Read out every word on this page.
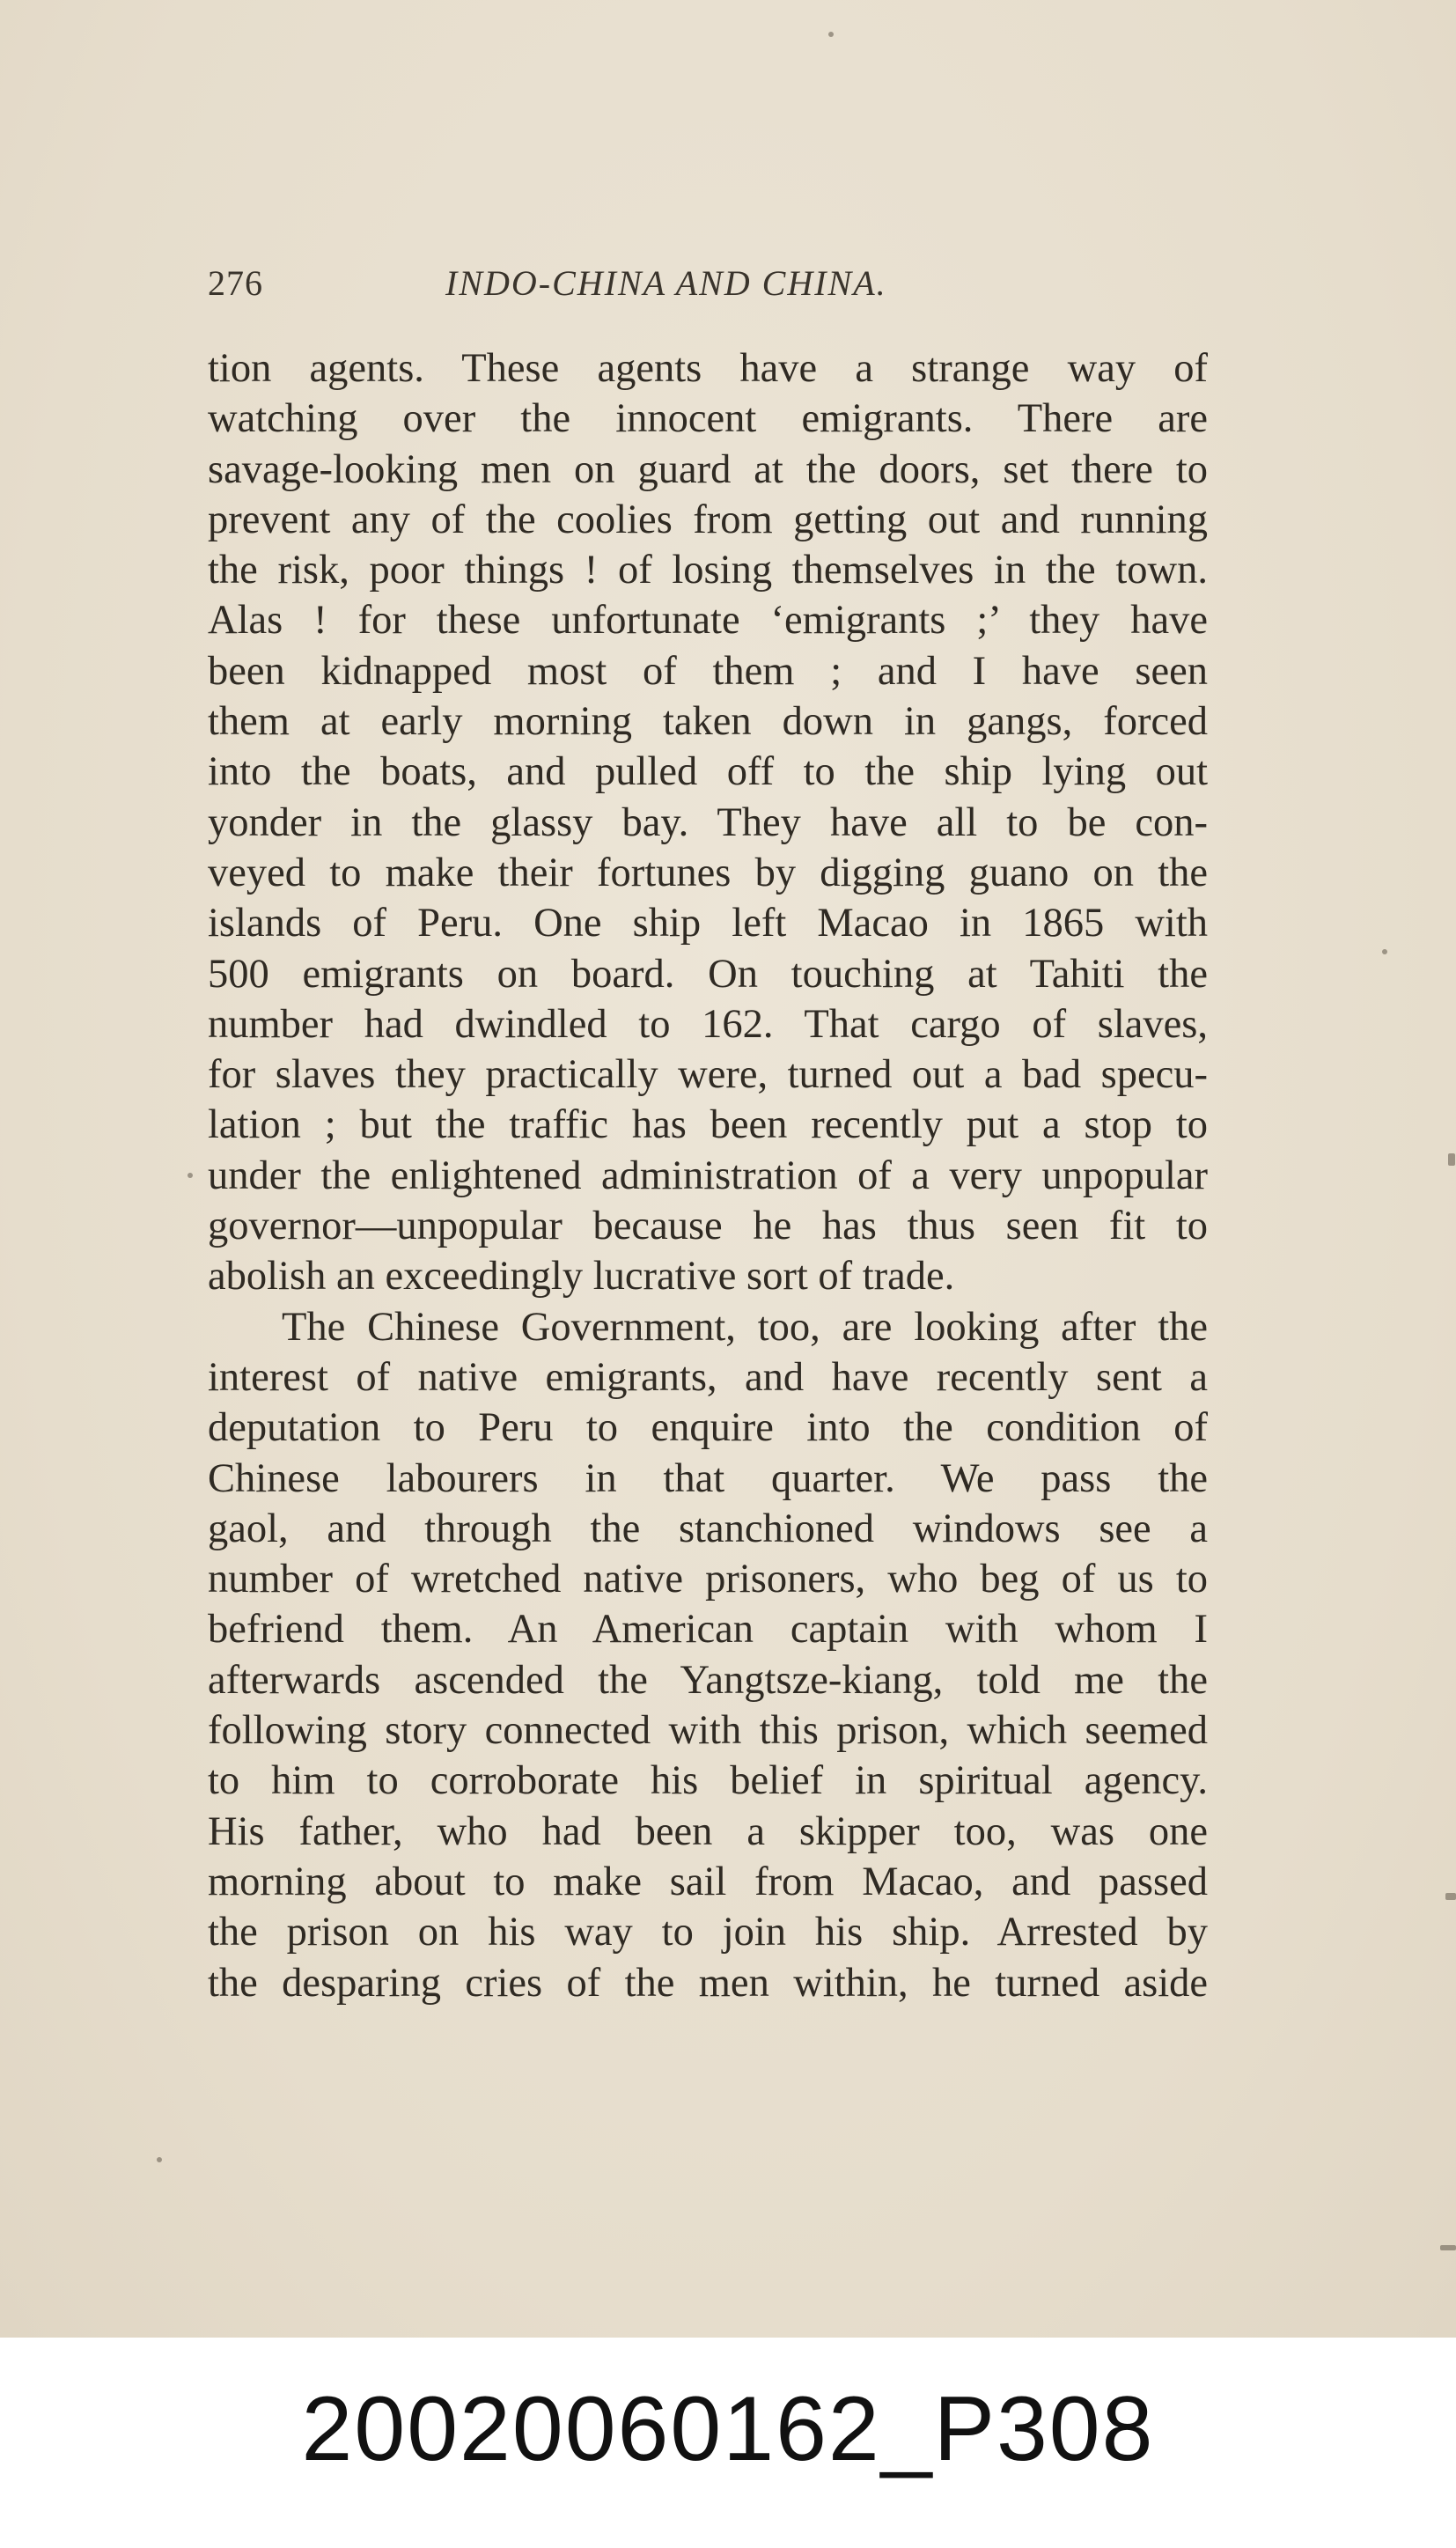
276	INDO-CHINA AND CHINA.
tion agents. These agents have a strange way of
watching over the innocent emigrants. There are
savage-looking men on guard at the doors, set there to
prevent any of the coolies from getting out and running
the risk, poor things ! of losing themselves in the town.
Alas ! for these unfortunate ‘emigrants ;’ they have
been kidnapped most of them ; and I have seen
them at early morning taken down in gangs, forced
into the boats, and pulled off to the ship lying out
yonder in the glassy bay. They have all to be con-
veyed to make their fortunes by digging guano on the
islands of Peru. One ship left Macao in 1865 with
500 emigrants on board. On touching at Tahiti the
number had dwindled to 162. That cargo of slaves,
for slaves they practically were, turned out a bad specu-
lation ; but the traffic has been recently put a stop to
under the enlightened administration of a very unpopular
governor—unpopular because he has thus seen fit to
abolish an exceedingly lucrative sort of trade.
The Chinese Government, too, are looking after the
interest of native emigrants, and have recently sent a
deputation to Peru to enquire into the condition of
Chinese labourers in that quarter. We pass the
gaol, and through the stanchioned windows see a
number of wretched native prisoners, who beg of us to
befriend them. An American captain with whom I
afterwards ascended the Yangtsze-kiang, told me the
following story connected with this prison, which seemed
to him to corroborate his belief in spiritual agency.
His father, who had been a skipper too, was one
morning about to make sail from Macao, and passed
the prison on his way to join his ship. Arrested by
the desparing cries of the men within, he turned aside
20020060162_P308
